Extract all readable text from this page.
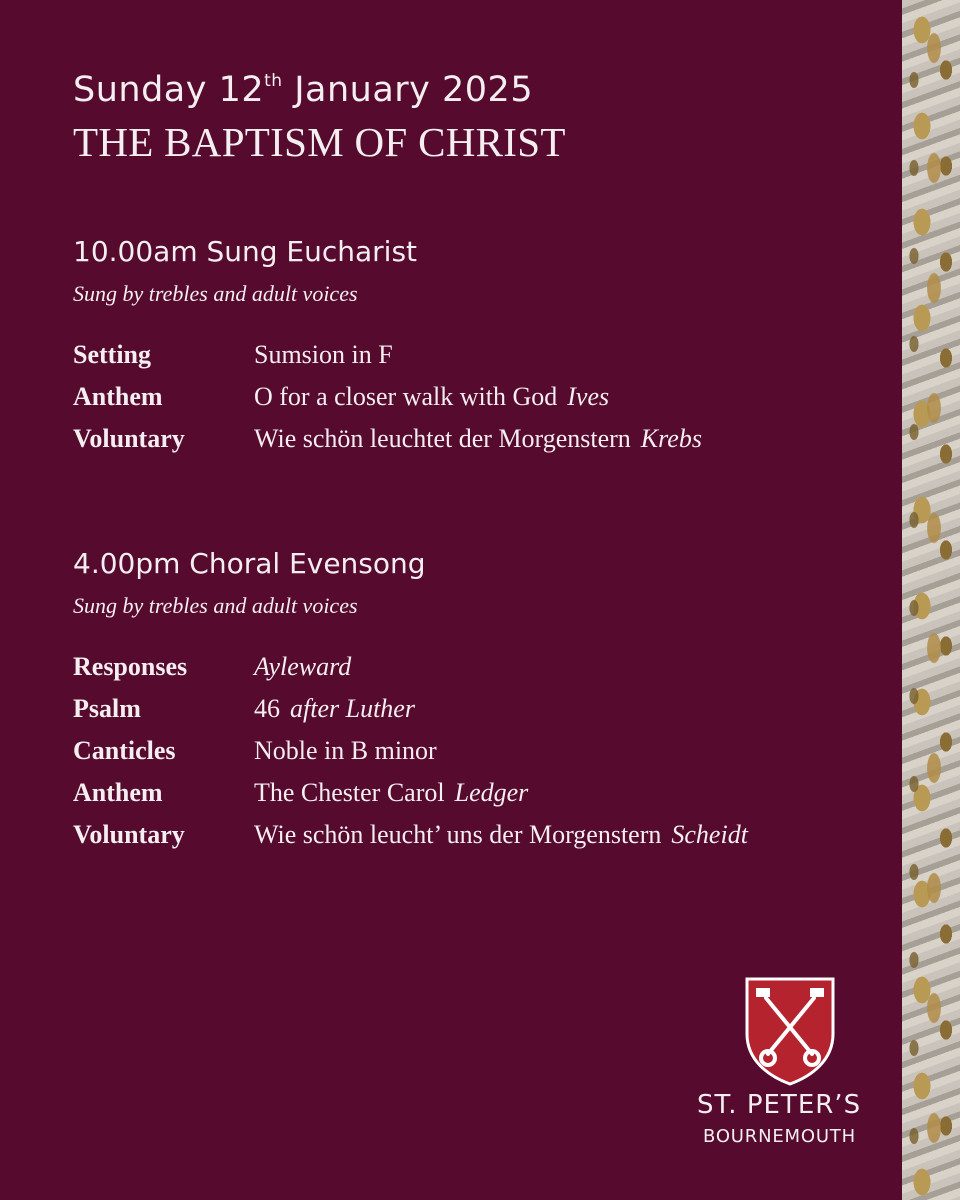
Sunday 12th January 2025
THE BAPTISM OF CHRIST
10.00am Sung Eucharist
Sung by trebles and adult voices
Setting	Sumsion in F
Anthem	O for a closer walk with God Ives
Voluntary	Wie schön leuchtet der Morgenstern Krebs
4.00pm Choral Evensong
Sung by trebles and adult voices
Responses	Ayleward
Psalm	46 after Luther
Canticles	Noble in B minor
Anthem	The Chester Carol Ledger
Voluntary	Wie schön leucht’ uns der Morgenstern Scheidt
ST. PETER’S
BOURNEMOUTH
